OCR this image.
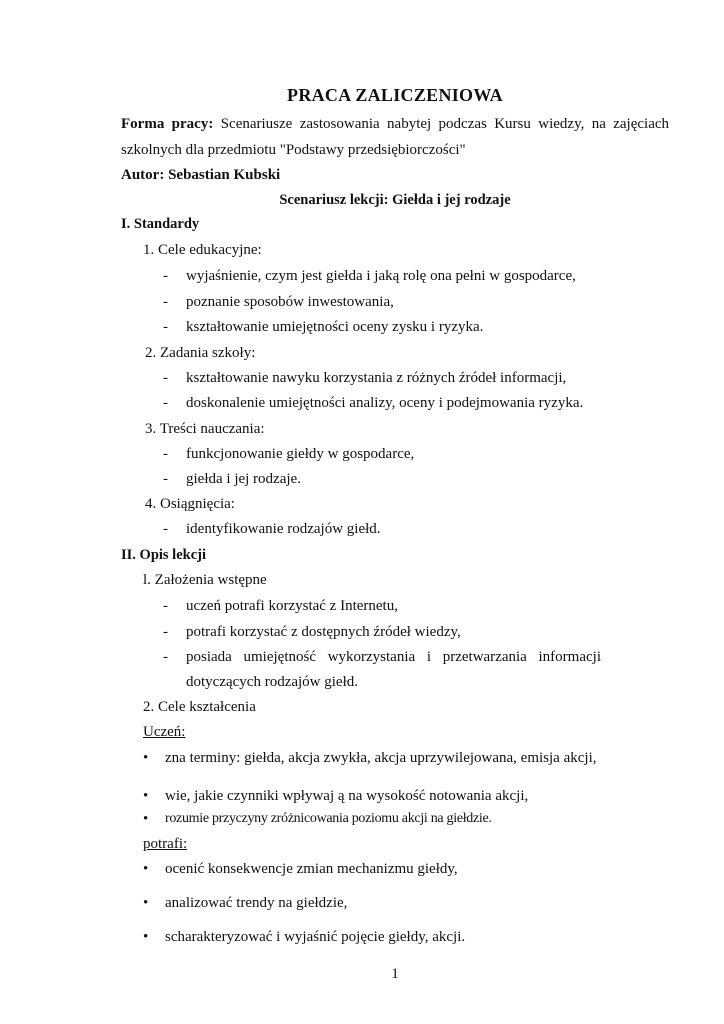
PRACA ZALICZENIOWA
Forma pracy: Scenariusze zastosowania nabytej podczas Kursu wiedzy, na zajęciach
szkolnych dla przedmiotu "Podstawy przedsiębiorczości"
Autor: Sebastian Kubski
Scenariusz lekcji: Giełda i jej rodzaje
I. Standardy
1. Cele edukacyjne:
- wyjaśnienie, czym jest giełda i jaką rolę ona pełni w gospodarce,
- poznanie sposobów inwestowania,
- kształtowanie umiejętności oceny zysku i ryzyka.
2. Zadania szkoły:
- kształtowanie nawyku korzystania z różnych źródeł informacji,
- doskonalenie umiejętności analizy, oceny i podejmowania ryzyka.
3. Treści nauczania:
- funkcjonowanie giełdy w gospodarce,
- giełda i jej rodzaje.
4. Osiągnięcia:
- identyfikowanie rodzajów giełd.
II. Opis lekcji
l. Założenia wstępne
- uczeń potrafi korzystać z Internetu,
- potrafi korzystać z dostępnych źródeł wiedzy,
- posiada umiejętność wykorzystania i przetwarzania informacji
dotyczących rodzajów giełd.
2. Cele kształcenia
Uczeń:
• zna terminy: giełda, akcja zwykła, akcja uprzywilejowana, emisja akcji,
• wie, jakie czynniki wpływaj ą na wysokość notowania akcji,
• rozumie przyczyny zróżnicowania poziomu akcji na giełdzie.
potrafi:
• ocenić konsekwencje zmian mechanizmu giełdy,
• analizować trendy na giełdzie,
• scharakteryzować i wyjaśnić pojęcie giełdy, akcji.
1
